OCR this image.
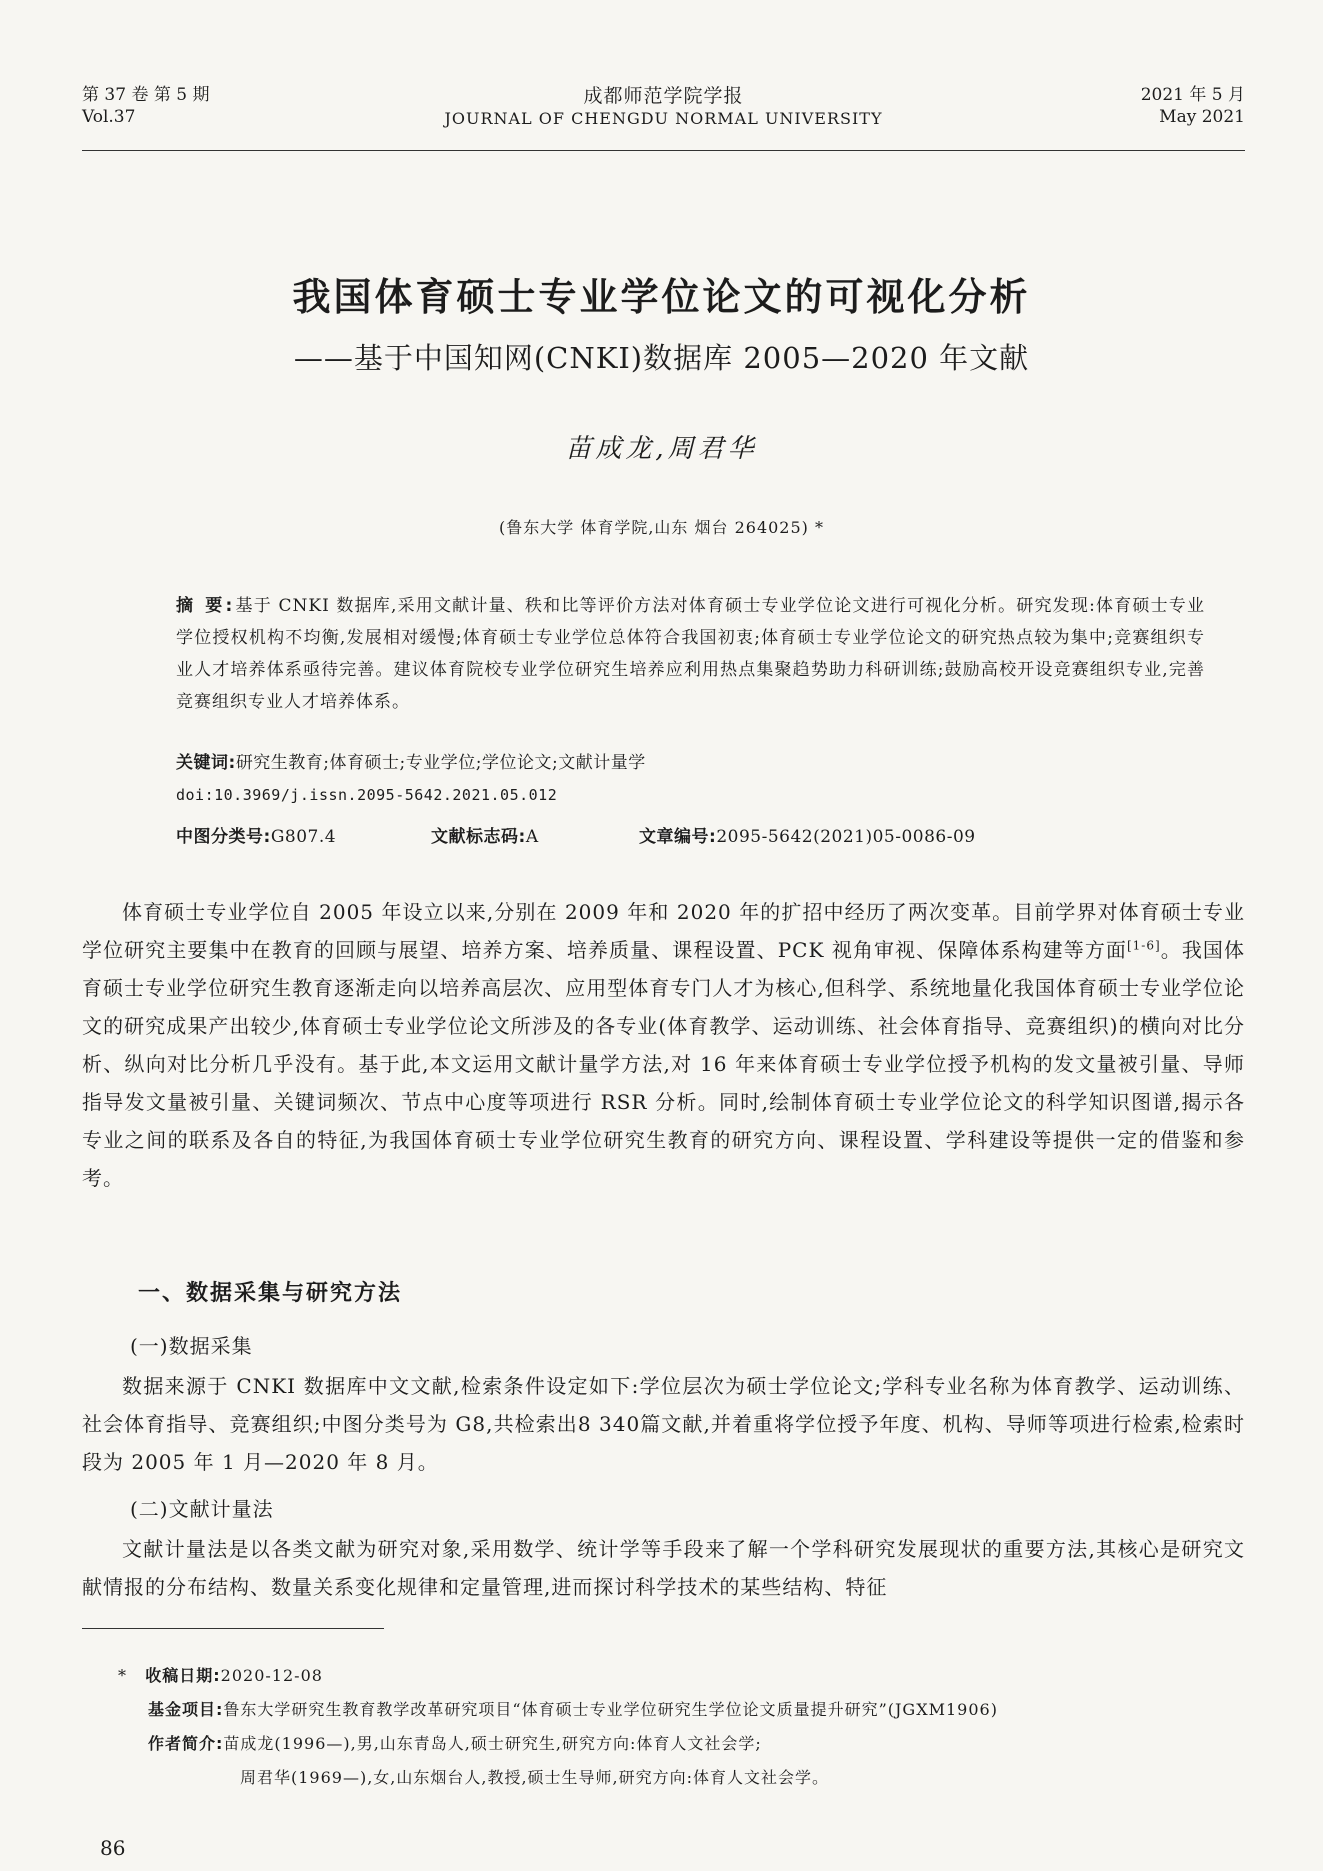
第 37 卷 第 5 期
Vol.37
成都师范学院学报
JOURNAL OF CHENGDU NORMAL UNIVERSITY
2021 年 5 月
May 2021
我国体育硕士专业学位论文的可视化分析
——基于中国知网(CNKI)数据库 2005—2020 年文献
苗成龙,周君华
(鲁东大学 体育学院,山东 烟台 264025) *
摘 要:基于 CNKI 数据库,采用文献计量、秩和比等评价方法对体育硕士专业学位论文进行可视化分析。研究发现:体育硕士专业学位授权机构不均衡,发展相对缓慢;体育硕士专业学位总体符合我国初衷;体育硕士专业学位论文的研究热点较为集中;竞赛组织专业人才培养体系亟待完善。建议体育院校专业学位研究生培养应利用热点集聚趋势助力科研训练;鼓励高校开设竞赛组织专业,完善竞赛组织专业人才培养体系。
关键词:研究生教育;体育硕士;专业学位;学位论文;文献计量学
doi:10.3969/j.issn.2095-5642.2021.05.012
中图分类号:G807.4	文献标志码:A	文章编号:2095-5642(2021)05-0086-09

体育硕士专业学位自 2005 年设立以来,分别在 2009 年和 2020 年的扩招中经历了两次变革。目前学界对体育硕士专业学位研究主要集中在教育的回顾与展望、培养方案、培养质量、课程设置、PCK 视角审视、保障体系构建等方面[1-6]。我国体育硕士专业学位研究生教育逐渐走向以培养高层次、应用型体育专门人才为核心,但科学、系统地量化我国体育硕士专业学位论文的研究成果产出较少,体育硕士专业学位论文所涉及的各专业(体育教学、运动训练、社会体育指导、竞赛组织)的横向对比分析、纵向对比分析几乎没有。基于此,本文运用文献计量学方法,对 16 年来体育硕士专业学位授予机构的发文量被引量、导师指导发文量被引量、关键词频次、节点中心度等项进行 RSR 分析。同时,绘制体育硕士专业学位论文的科学知识图谱,揭示各专业之间的联系及各自的特征,为我国体育硕士专业学位研究生教育的研究方向、课程设置、学科建设等提供一定的借鉴和参考。

一、数据采集与研究方法
(一)数据采集

数据来源于 CNKI 数据库中文文献,检索条件设定如下:学位层次为硕士学位论文;学科专业名称为体育教学、运动训练、社会体育指导、竞赛组织;中图分类号为 G8,共检索出8 340篇文献,并着重将学位授予年度、机构、导师等项进行检索,检索时段为 2005 年 1 月—2020 年 8 月。

(二)文献计量法

文献计量法是以各类文献为研究对象,采用数学、统计学等手段来了解一个学科研究发展现状的重要方法,其核心是研究文献情报的分布结构、数量关系变化规律和定量管理,进而探讨科学技术的某些结构、特征

* 收稿日期:2020-12-08
基金项目:鲁东大学研究生教育教学改革研究项目“体育硕士专业学位研究生学位论文质量提升研究”(JGXM1906)
作者简介:苗成龙(1996—),男,山东青岛人,硕士研究生,研究方向:体育人文社会学;
周君华(1969—),女,山东烟台人,教授,硕士生导师,研究方向:体育人文社会学。
86
